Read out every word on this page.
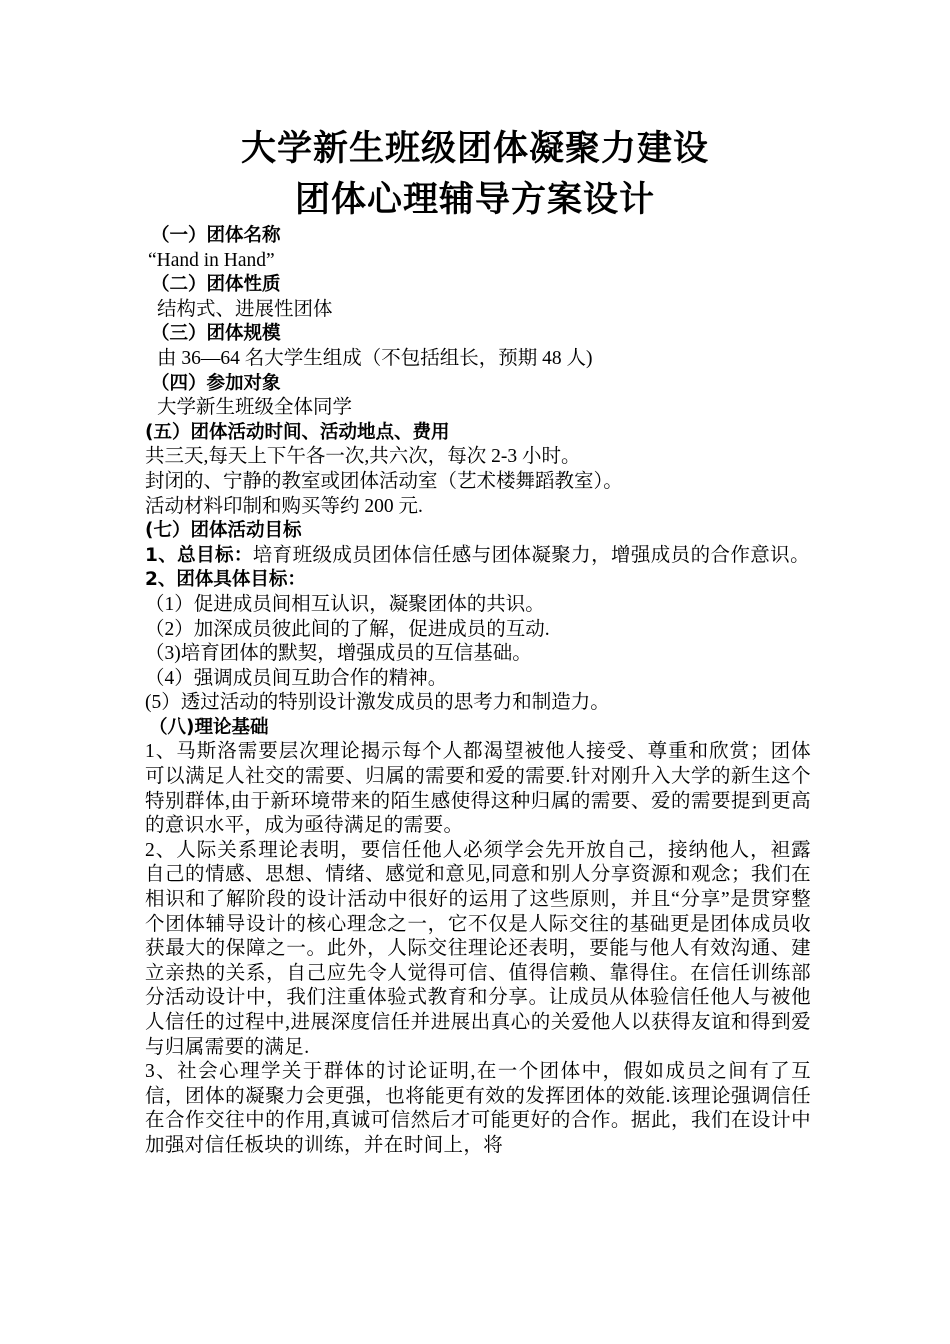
大学新生班级团体凝聚力建设
团体心理辅导方案设计
（一）团体名称
“Hand in Hand”
（二）团体性质
结构式、进展性团体
（三）团体规模
由 36—64 名大学生组成（不包括组长，预期 48 人)
（四）参加对象
大学新生班级全体同学
(五）团体活动时间、活动地点、费用
共三天,每天上下午各一次,共六次，每次 2-3 小时。
封闭的、宁静的教室或团体活动室（艺术楼舞蹈教室）。
活动材料印制和购买等约 200 元.
(七）团体活动目标
1、总目标：培育班级成员团体信任感与团体凝聚力，增强成员的合作意识。
2、团体具体目标：
（1）促进成员间相互认识，凝聚团体的共识。
（2）加深成员彼此间的了解，促进成员的互动.
（3)培育团体的默契，增强成员的互信基础。
（4）强调成员间互助合作的精神。
(5）透过活动的特别设计激发成员的思考力和制造力。
（八)理论基础
1、马斯洛需要层次理论揭示每个人都渴望被他人接受、尊重和欣赏；团体可以满足人社交的需要、归属的需要和爱的需要.针对刚升入大学的新生这个特别群体,由于新环境带来的陌生感使得这种归属的需要、爱的需要提到更高的意识水平，成为亟待满足的需要。
2、人际关系理论表明，要信任他人必须学会先开放自己，接纳他人，袒露自己的情感、思想、情绪、感觉和意见,同意和别人分享资源和观念；我们在相识和了解阶段的设计活动中很好的运用了这些原则，并且“分享”是贯穿整个团体辅导设计的核心理念之一，它不仅是人际交往的基础更是团体成员收获最大的保障之一。此外，人际交往理论还表明，要能与他人有效沟通、建立亲热的关系，自己应先令人觉得可信、值得信赖、靠得住。在信任训练部分活动设计中，我们注重体验式教育和分享。让成员从体验信任他人与被他人信任的过程中,进展深度信任并进展出真心的关爱他人以获得友谊和得到爱与归属需要的满足.
3、社会心理学关于群体的讨论证明,在一个团体中，假如成员之间有了互信，团体的凝聚力会更强，也将能更有效的发挥团体的效能.该理论强调信任在合作交往中的作用,真诚可信然后才可能更好的合作。据此，我们在设计中加强对信任板块的训练，并在时间上，将
